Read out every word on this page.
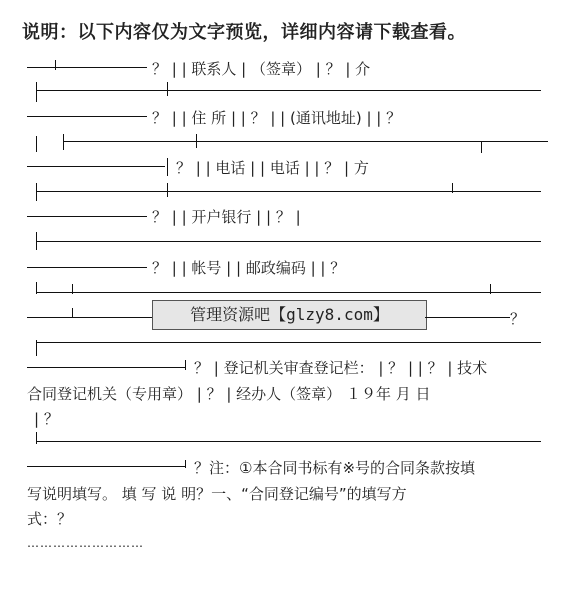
说明：以下内容仅为文字预览，详细内容请下载查看。
？ | | 联系人 | （签章） | ？ | 介
？ | | 住 所 | | ？ | | (通讯地址) | | ？
？ | | 电话 | | 电话 | | ？ | 方
？ | | 开户银行 | | ？ |
？ | | 帐号 | | 邮政编码 | | ？
管理资源吧【glzy8.com】	？
？ | 登记机关审查登记栏： | ？ | | ？ | 技术
合同登记机关（专用章） | ？ | 经办人（签章） １９年 月 日
| ？
？注：①本合同书标有※号的合同条款按填
写说明填写。 填 写 说 明？一、“合同登记编号”的填写方
式：？
………………………
